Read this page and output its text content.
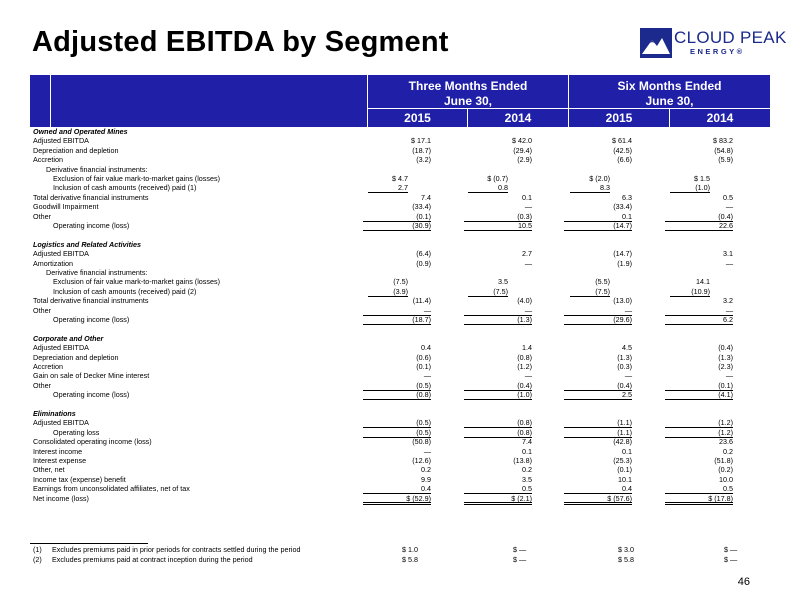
Adjusted EBITDA by Segment	CLOUD PEAK
ENERGY®
Three Months Ended
June 30,
Six Months Ended
June 30,
2015	2014	2015	2014
Owned and Operated Mines
Adjusted EBITDA	$ 17.1	$ 42.0	$ 61.4	$ 83.2
Depreciation and depletion	(18.7)	(29.4)	(42.5)	(54.8)
Accretion	(3.2)	(2.9)	(6.6)	(5.9)
Derivative financial instruments:
Exclusion of fair value mark-to-market gains (losses)	$ 4.7	$ (0.7)	$ (2.0)	$ 1.5
Inclusion of cash amounts (received) paid (1)	2.7	0.8	8.3	(1.0)
Total derivative financial instruments	7.4	0.1	6.3	0.5
Goodwill Impairment	(33.4)	—	(33.4)	—
Other	(0.1)	(0.3)	0.1	(0.4)
Operating income (loss)	(30.9)	10.5	(14.7)	22.6
Logistics and Related Activities
Adjusted EBITDA	(6.4)	2.7	(14.7)	3.1
Amortization	(0.9)	—	(1.9)	—
Derivative financial instruments:
Exclusion of fair value mark-to-market gains (losses)	(7.5)	3.5	(5.5)	14.1
Inclusion of cash amounts (received) paid (2)	(3.9)	(7.5)	(7.5)	(10.9)
Total derivative financial instruments	(11.4)	(4.0)	(13.0)	3.2
Other	—	—	—	—
Operating income (loss)	(18.7)	(1.3)	(29.6)	6.2
Corporate and Other
Adjusted EBITDA	0.4	1.4	4.5	(0.4)
Depreciation and depletion	(0.6)	(0.8)	(1.3)	(1.3)
Accretion	(0.1)	(1.2)	(0.3)	(2.3)
Gain on sale of Decker Mine interest	—	—	—	—
Other	(0.5)	(0.4)	(0.4)	(0.1)
Operating income (loss)	(0.8)	(1.0)	2.5	(4.1)
Eliminations
Adjusted EBITDA	(0.5)	(0.8)	(1.1)	(1.2)
Operating loss	(0.5)	(0.8)	(1.1)	(1.2)
Consolidated operating income (loss)	(50.8)	7.4	(42.8)	23.6
Interest income	—	0.1	0.1	0.2
Interest expense	(12.6)	(13.8)	(25.3)	(51.8)
Other, net	0.2	0.2	(0.1)	(0.2)
Income tax (expense) benefit	9.9	3.5	10.1	10.0
Earnings from unconsolidated affiliates, net of tax	0.4	0.5	0.4	0.5
Net income (loss)	$ (52.9)	$ (2.1)	$ (57.6)	$ (17.8)
(1) Excludes premiums paid in prior periods for contracts settled during the period	$ 1.0	$ —	$ 3.0	$ —
(2) Excludes premiums paid at contract inception during the period	$ 5.8	$ —	$ 5.8	$ —
46
